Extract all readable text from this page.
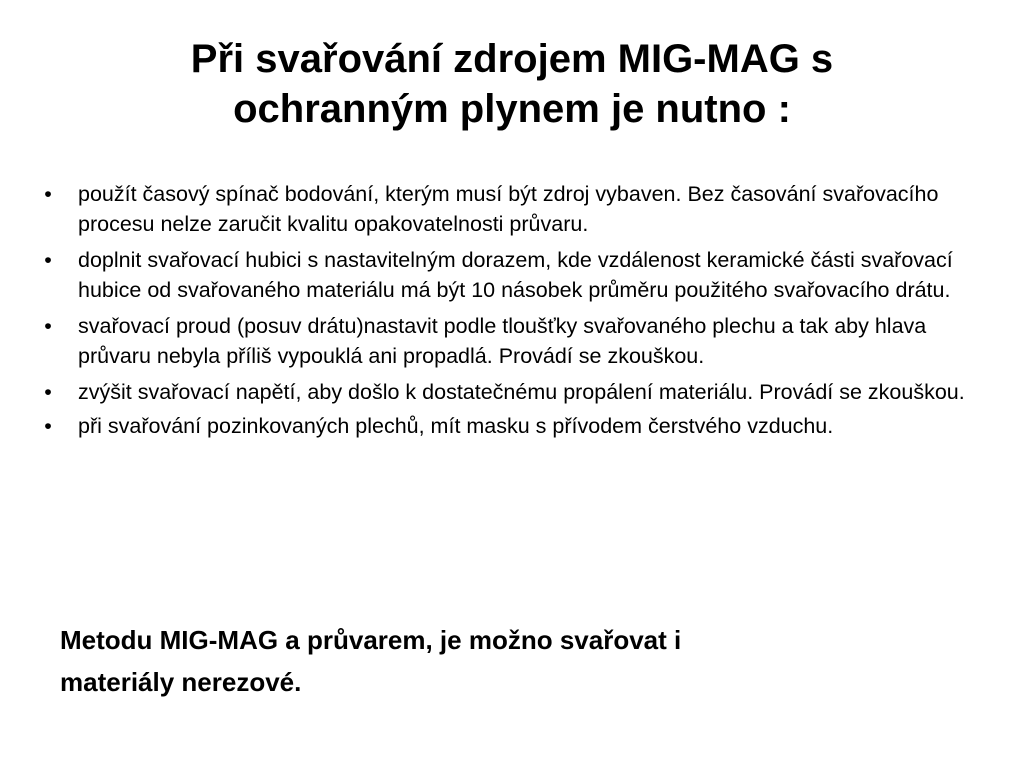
Při svařování zdrojem MIG-MAG s
ochranným plynem je nutno :
• použít časový spínač bodování, kterým musí být zdroj vybaven. Bez časování svařovacího procesu nelze zaručit kvalitu opakovatelnosti průvaru.
• doplnit svařovací hubici s nastavitelným dorazem, kde vzdálenost keramické části svařovací hubice od svařovaného materiálu má být 10 násobek průměru použitého svařovacího drátu.
• svařovací proud (posuv drátu)nastavit podle tloušťky svařovaného plechu a tak aby hlava průvaru nebyla příliš vypouklá ani propadlá. Provádí se zkouškou.
• zvýšit svařovací napětí, aby došlo k dostatečnému propálení materiálu. Provádí se zkouškou.
• při svařování pozinkovaných plechů, mít masku s přívodem čerstvého vzduchu.

Metodu MIG-MAG a průvarem, je možno svařovat i
materiály nerezové.
